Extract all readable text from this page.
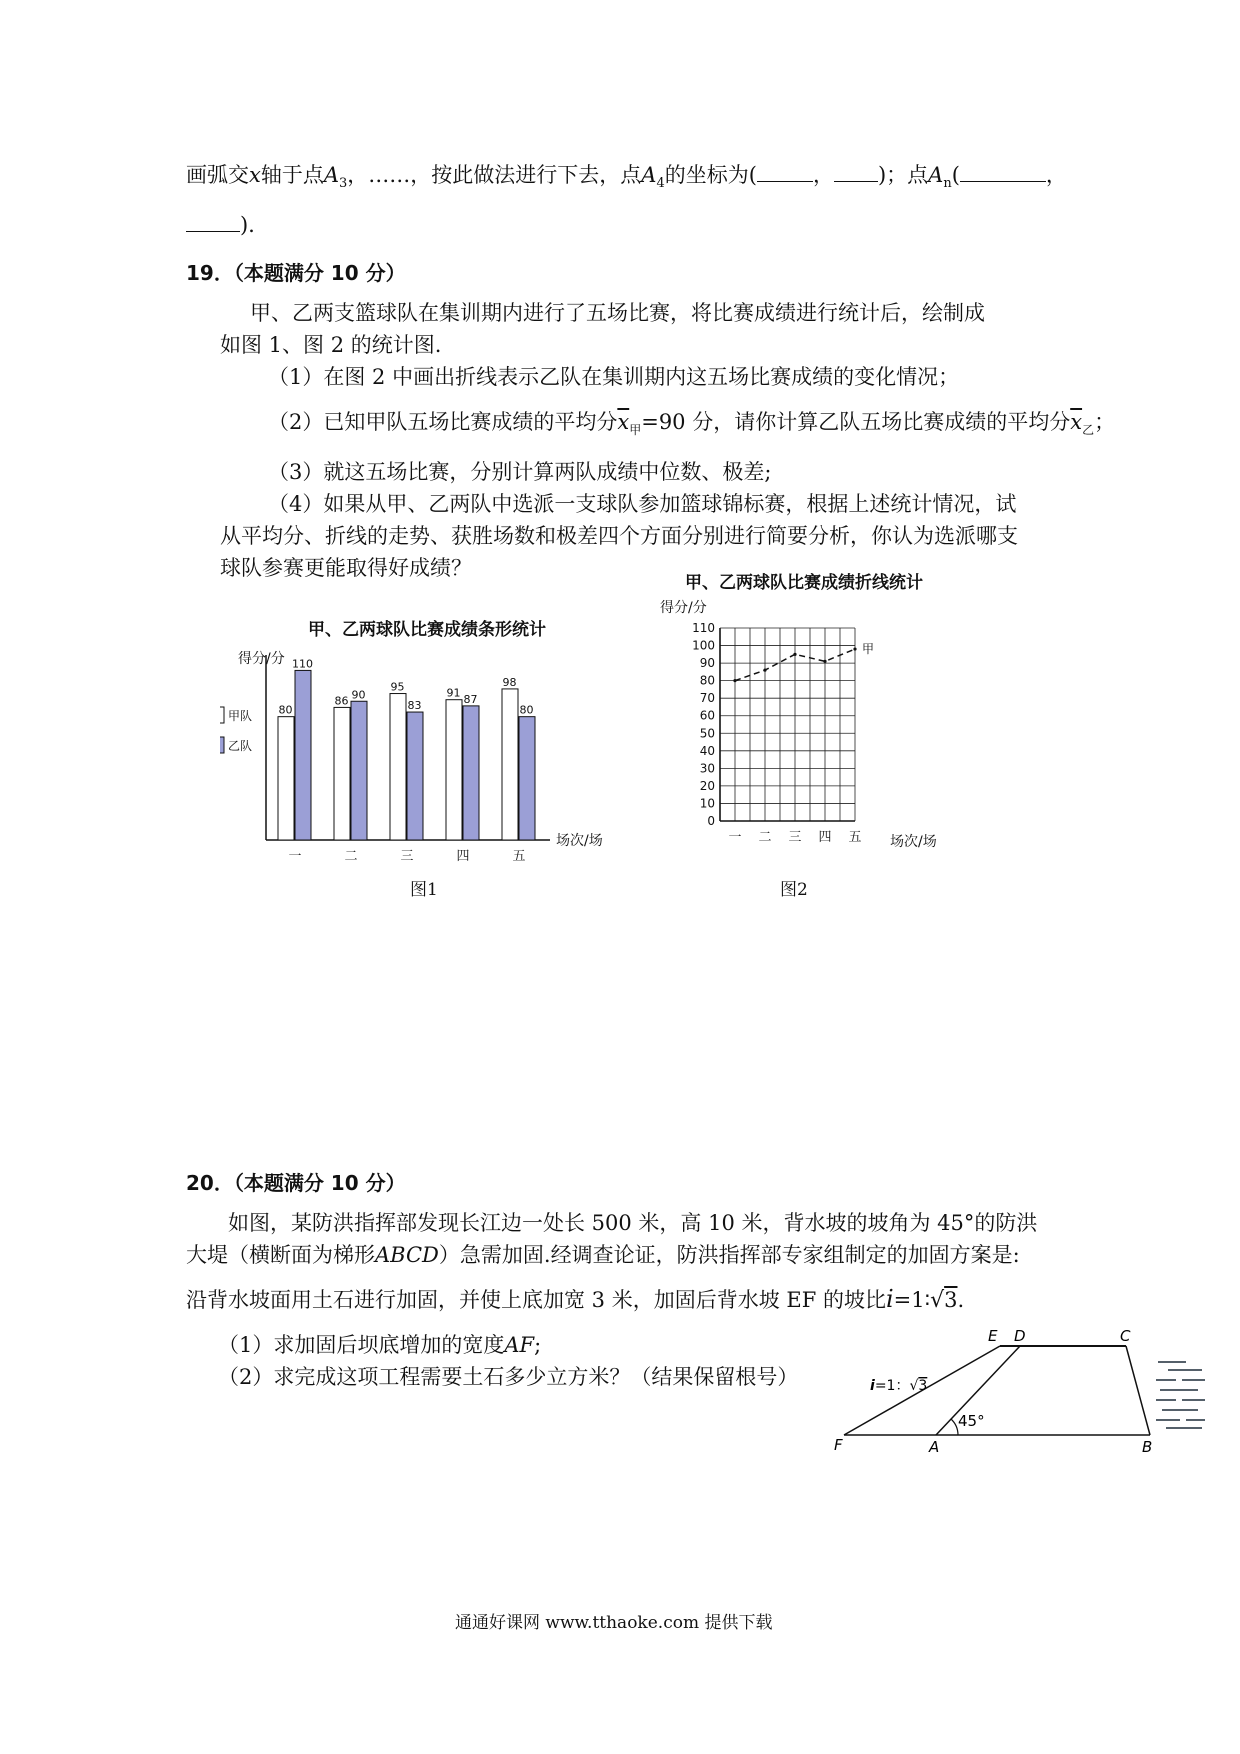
画弧交x轴于点$A_3$，……，按此做法进行下去，点$A_4$的坐标为(	， )；点$A_n$(	，
)．
19．（本题满分 10 分）
甲、乙两支篮球队在集训期内进行了五场比赛，将比赛成绩进行统计后，绘制成
如图 1、图 2 的统计图.
（1）在图 2 中画出折线表示乙队在集训期内这五场比赛成绩的变化情况；
（2）已知甲队五场比赛成绩的平均分$\overline{x}_甲=90$ 分，请你计算乙队五场比赛成绩的平均分$\overline{x}_乙$；
（3）就这五场比赛，分别计算两队成绩中位数、极差;
（4）如果从甲、乙两队中选派一支球队参加篮球锦标赛，根据上述统计情况，试
从平均分、折线的走势、获胜场数和极差四个方面分别进行简要分析，你认为选派哪支
球队参赛更能取得好成绩？
甲、乙两球队比赛成绩条形统计
得分/分
场次/场
甲队
乙队
80
110
一
86 90
二
95
83
三
91 87
四
98
80
五
图1
甲、乙两球队比赛成绩折线统计
得分/分
场次/场
0
10
20
30
40
50
60
70
80
90
100
110
一 二 三 四 五
甲
图2
20．（本题满分 10 分）
如图，某防洪指挥部发现长江边一处长 500 米，高 10 米，背水坡的坡角为 45°的防洪
大堤（横断面为梯形ABCD）急需加固.经调查论证，防洪指挥部专家组制定的加固方案是:
沿背水坡面用土石进行加固，并使上底加宽 3 米，加固后背水坡 EF 的坡比i=1∶√3.
（1）求加固后坝底增加的宽度AF;
（2）求完成这项工程需要土石多少立方米？（结果保留根号）
E D	C
F	A	B
45°
i=1：√3
通通好课网 www.tthaoke.com 提供下载
